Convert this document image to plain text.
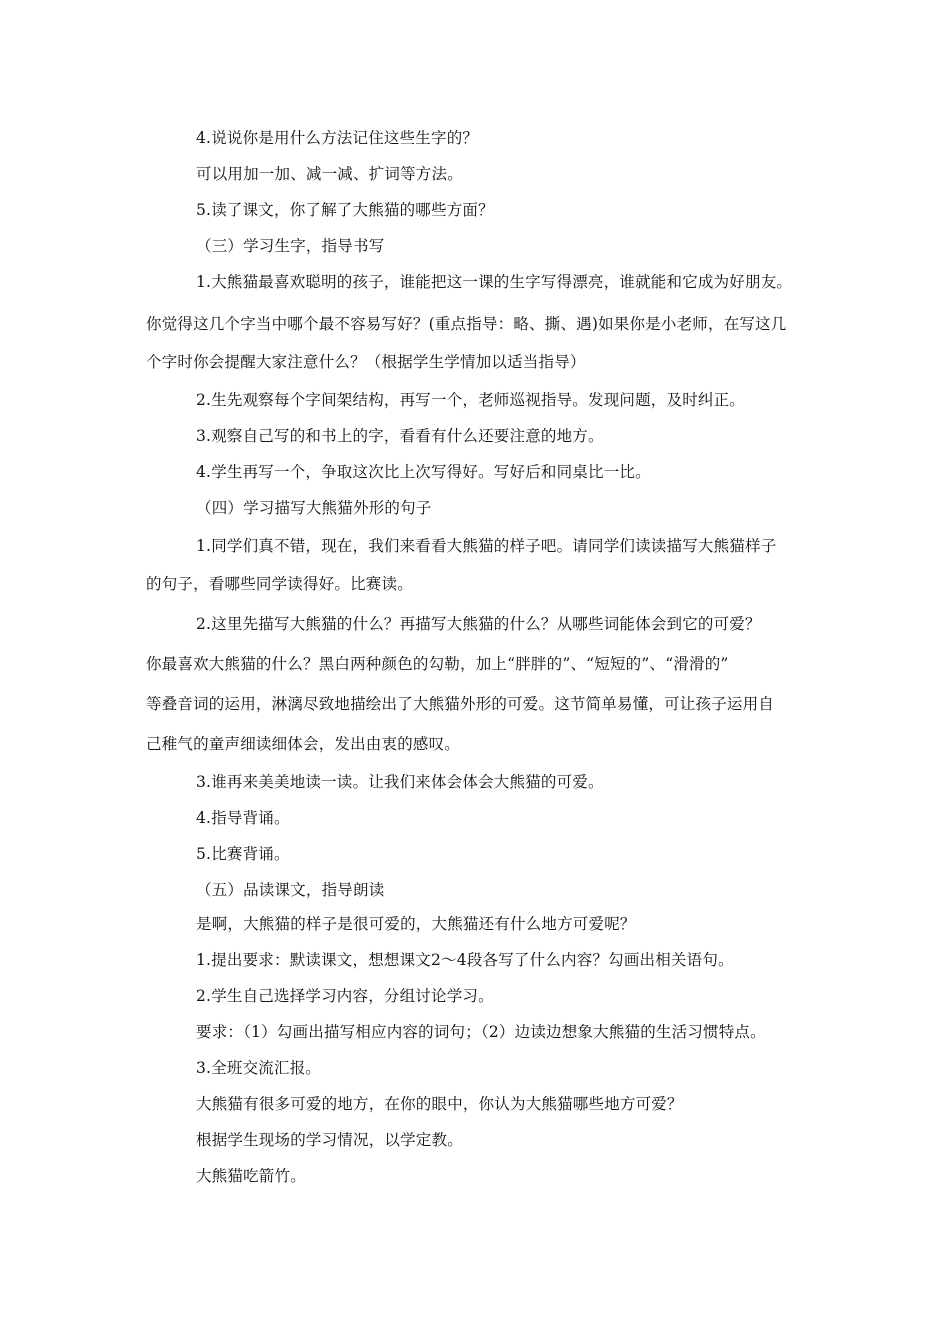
4.说说你是用什么方法记住这些生字的？
可以用加一加、减一减、扩词等方法。
5.读了课文，你了解了大熊猫的哪些方面？
（三）学习生字，指导书写
1.大熊猫最喜欢聪明的孩子，谁能把这一课的生字写得漂亮，谁就能和它成为好朋友。
你觉得这几个字当中哪个最不容易写好？(重点指导：略、撕、遇)如果你是小老师，在写这几
个字时你会提醒大家注意什么？（根据学生学情加以适当指导）
2.生先观察每个字间架结构，再写一个，老师巡视指导。发现问题，及时纠正。
3.观察自己写的和书上的字，看看有什么还要注意的地方。
4.学生再写一个，争取这次比上次写得好。写好后和同桌比一比。
（四）学习描写大熊猫外形的句子
1.同学们真不错，现在，我们来看看大熊猫的样子吧。请同学们读读描写大熊猫样子
的句子，看哪些同学读得好。比赛读。
2.这里先描写大熊猫的什么？再描写大熊猫的什么？从哪些词能体会到它的可爱？
你最喜欢大熊猫的什么？黑白两种颜色的勾勒，加上“胖胖的”、“短短的”、“滑滑的”
等叠音词的运用，淋漓尽致地描绘出了大熊猫外形的可爱。这节简单易懂，可让孩子运用自
己稚气的童声细读细体会，发出由衷的感叹。
3.谁再来美美地读一读。让我们来体会体会大熊猫的可爱。
4.指导背诵。
5.比赛背诵。
（五）品读课文，指导朗读
是啊，大熊猫的样子是很可爱的，大熊猫还有什么地方可爱呢？
1.提出要求：默读课文，想想课文2～4段各写了什么内容？勾画出相关语句。
2.学生自己选择学习内容，分组讨论学习。
要求：（1）勾画出描写相应内容的词句；（2）边读边想象大熊猫的生活习惯特点。
3.全班交流汇报。
大熊猫有很多可爱的地方，在你的眼中，你认为大熊猫哪些地方可爱？
根据学生现场的学习情况，以学定教。
大熊猫吃箭竹。
